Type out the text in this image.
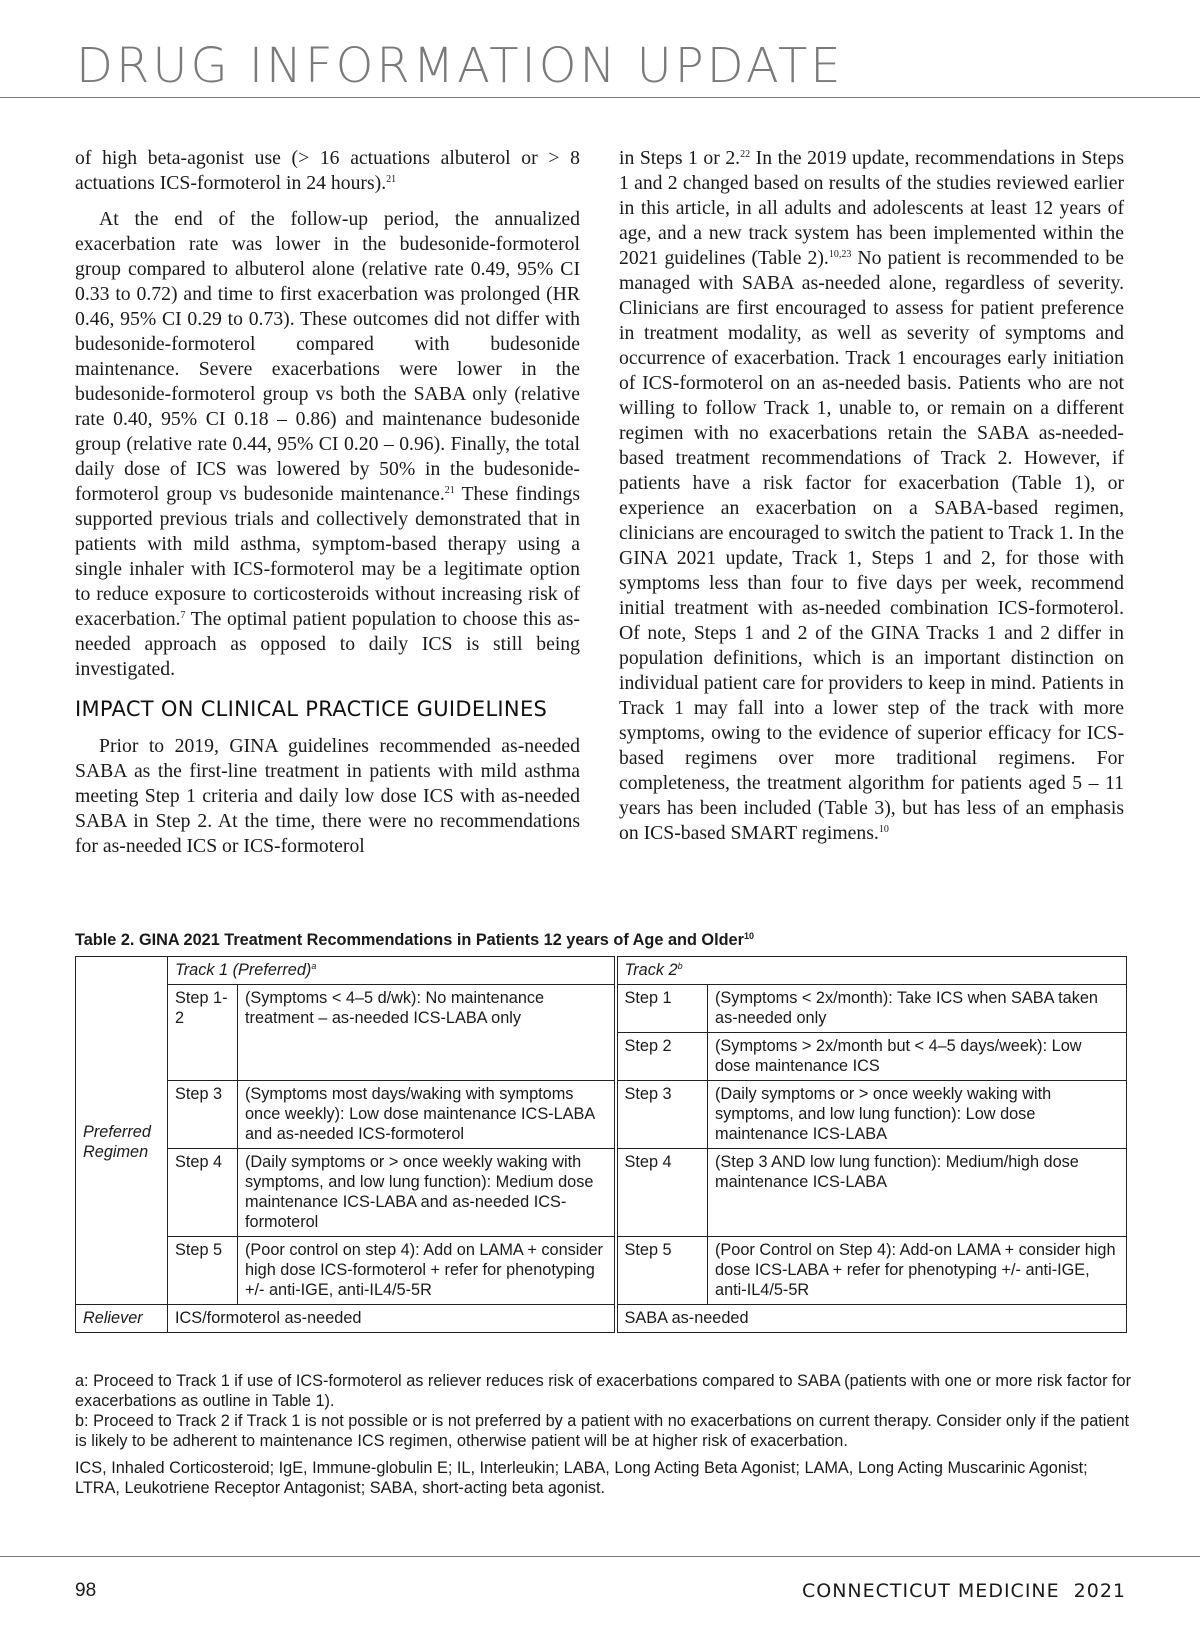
DRUG INFORMATION UPDATE

of high beta-agonist use (> 16 actuations albuterol or > 8 actuations ICS-formoterol in 24 hours).$^{21}$

At the end of the follow-up period, the annualized exacerbation rate was lower in the budesonide-formoterol group compared to albuterol alone (relative rate 0.49, 95% CI 0.33 to 0.72) and time to first exacerbation was prolonged (HR 0.46, 95% CI 0.29 to 0.73). These outcomes did not differ with budesonide-formoterol compared with budesonide maintenance. Severe exacerbations were lower in the budesonide-formoterol group vs both the SABA only (relative rate 0.40, 95% CI 0.18 – 0.86) and maintenance budesonide group (relative rate 0.44, 95% CI 0.20 – 0.96). Finally, the total daily dose of ICS was lowered by 50% in the budesonide-formoterol group vs budesonide maintenance.$^{21}$ These findings supported previous trials and collectively demonstrated that in patients with mild asthma, symptom-based therapy using a single inhaler with ICS-formoterol may be a legitimate option to reduce exposure to corticosteroids without increasing risk of exacerbation.$^7$ The optimal patient population to choose this as-needed approach as opposed to daily ICS is still being investigated.

IMPACT ON CLINICAL PRACTICE GUIDELINES

Prior to 2019, GINA guidelines recommended as-needed SABA as the first-line treatment in patients with mild asthma meeting Step 1 criteria and daily low dose ICS with as-needed SABA in Step 2. At the time, there were no recommendations for as-needed ICS or ICS-formoterol

in Steps 1 or 2.22 In the 2019 update, recommendations in Steps 1 and 2 changed based on results of the studies reviewed earlier in this article, in all adults and adolescents at least 12 years of age, and a new track system has been implemented within the 2021 guidelines (Table 2).$^{10,23}$ No patient is recommended to be managed with SABA as-needed alone, regardless of severity. Clinicians are first encouraged to assess for patient preference in treatment modality, as well as severity of symptoms and occurrence of exacerbation. Track 1 encourages early initiation of ICS-formoterol on an as-needed basis. Patients who are not willing to follow Track 1, unable to, or remain on a different regimen with no exacerbations retain the SABA as-needed-based treatment recommendations of Track 2. However, if patients have a risk factor for exacerbation (Table 1), or experience an exacerbation on a SABA-based regimen, clinicians are encouraged to switch the patient to Track 1. In the GINA 2021 update, Track 1, Steps 1 and 2, for those with symptoms less than four to five days per week, recommend initial treatment with as-needed combination ICS-formoterol. Of note, Steps 1 and 2 of the GINA Tracks 1 and 2 differ in population definitions, which is an important distinction on individual patient care for providers to keep in mind. Patients in Track 1 may fall into a lower step of the track with more symptoms, owing to the evidence of superior efficacy for ICS-based regimens over more traditional regimens. For completeness, the treatment algorithm for patients aged 5 – 11 years has been included (Table 3), but has less of an emphasis on ICS-based SMART regimens.$^{10}$

Table 2. GINA 2021 Treatment Recommendations in Patients 12 years of Age and Older$^{10}$
	Track 1 (Preferred)$^a$		Track 2$^b$
	Step 1-2	(Symptoms < 4–5 d/wk): No maintenance treatment – as-needed ICS-LABA only	Step 1	(Symptoms < 2x/month): Take ICS when SABA taken as-needed only
			Step 2	(Symptoms > 2x/month but < 4–5 days/week): Low dose maintenance ICS
	Step 3	(Symptoms most days/waking with symptoms once weekly): Low dose maintenance ICS-LABA and as-needed ICS-formoterol	Step 3	(Daily symptoms or > once weekly waking with symptoms, and low lung function): Low dose maintenance ICS-LABA
	Step 4	(Daily symptoms or > once weekly waking with symptoms, and low lung function): Medium dose maintenance ICS-LABA and as-needed ICS-formoterol	Step 4	(Step 3 AND low lung function): Medium/high dose maintenance ICS-LABA
	Step 5	(Poor control on step 4): Add on LAMA + consider high dose ICS-formoterol + refer for phenotyping +/- anti-IGE, anti-IL4/5-5R	Step 5	(Poor Control on Step 4): Add-on LAMA + consider high dose ICS-LABA + refer for phenotyping +/- anti-IGE, anti-IL4/5-5R
Reliever	ICS/formoterol as-needed		SABA as-needed	
Preferred Regimen

a: Proceed to Track 1 if use of ICS-formoterol as reliever reduces risk of exacerbations compared to SABA (patients with one or more risk factor for exacerbations as outline in Table 1).

b: Proceed to Track 2 if Track 1 is not possible or is not preferred by a patient with no exacerbations on current therapy. Consider only if the patient is likely to be adherent to maintenance ICS regimen, otherwise patient will be at higher risk of exacerbation.

ICS, Inhaled Corticosteroid; IgE, Immune-globulin E; IL, Interleukin; LABA, Long Acting Beta Agonist; LAMA, Long Acting Muscarinic Agonist; LTRA, Leukotriene Receptor Antagonist; SABA, short-acting beta agonist.

98	CONNECTICUT MEDICINE 2021
